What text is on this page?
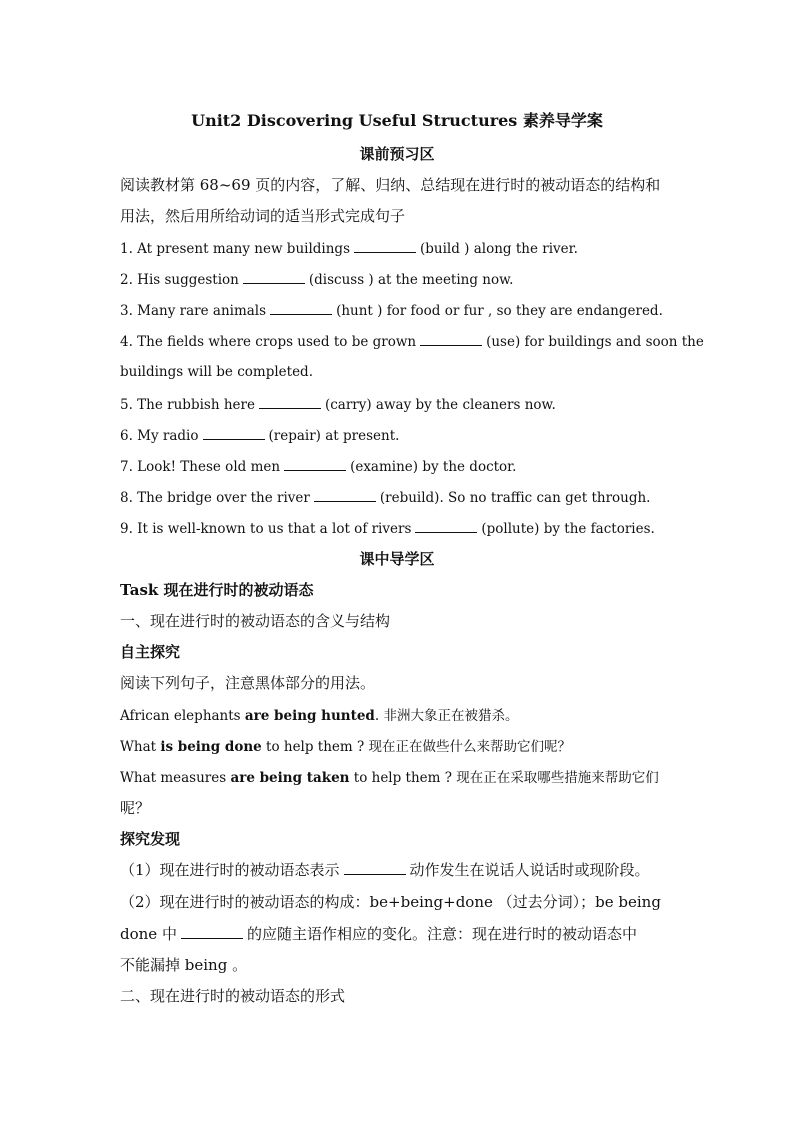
Unit2 Discovering Useful Structures 素养导学案
课前预习区
阅读教材第 68~69 页的内容，了解、归纳、总结现在进行时的被动语态的结构和
用法，然后用所给动词的适当形式完成句子
1. At present many new buildings	(build ) along the river.
2. His suggestion	(discuss ) at the meeting now.
3. Many rare animals	(hunt ) for food or fur , so they are endangered.
4. The fields where crops used to be grown	(use) for buildings and soon the
buildings will be completed.
5. The rubbish here	(carry) away by the cleaners now.
6. My radio	(repair) at present.
7. Look! These old men	(examine) by the doctor.
8. The bridge over the river	(rebuild). So no traffic can get through.
9. It is well-known to us that a lot of rivers	(pollute) by the factories.
课中导学区
Task 现在进行时的被动语态
一、现在进行时的被动语态的含义与结构
自主探究
阅读下列句子，注意黑体部分的用法。
African elephants are being hunted. 非洲大象正在被猎杀。
What is being done to help them ? 现在正在做些什么来帮助它们呢？
What measures are being taken to help them ? 现在正在采取哪些措施来帮助它们
呢？
探究发现
（1）现在进行时的被动语态表示	动作发生在说话人说话时或现阶段。
（2）现在进行时的被动语态的构成：be+being+done （过去分词）；be being
done 中	的应随主语作相应的变化。注意：现在进行时的被动语态中
不能漏掉 being 。
二、现在进行时的被动语态的形式
